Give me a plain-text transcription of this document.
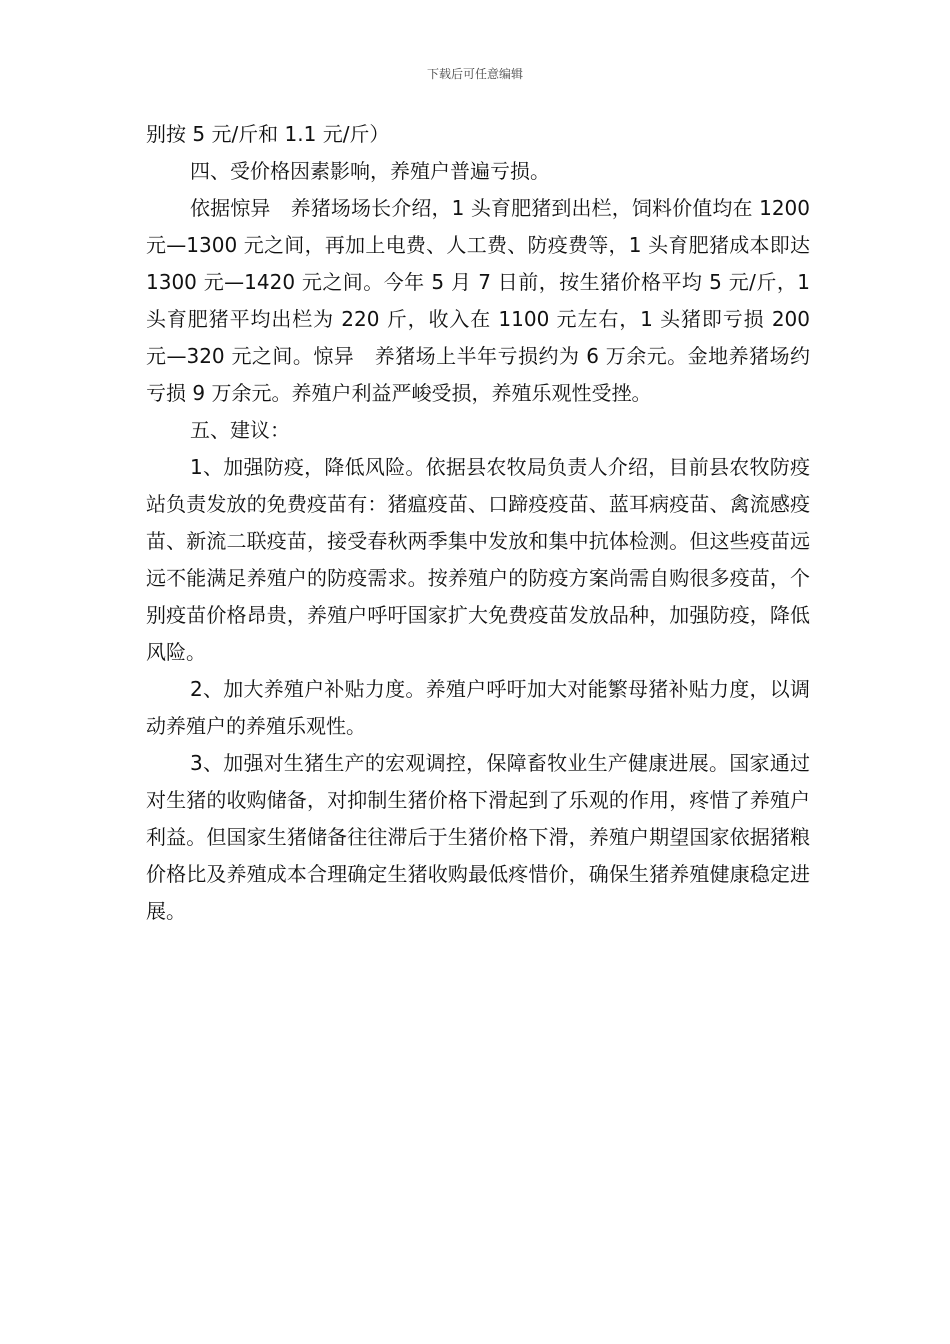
下载后可任意编辑

别按 5 元/斤和 1.1 元/斤）

四、受价格因素影响，养殖户普遍亏损。

依据惊异　养猪场场长介绍，1 头育肥猪到出栏，饲料价值均在 1200 元—1300 元之间，再加上电费、人工费、防疫费等，1 头育肥猪成本即达 1300 元—1420 元之间。今年 5 月 7 日前，按生猪价格平均 5 元/斤，1 头育肥猪平均出栏为 220 斤，收入在 1100 元左右，1 头猪即亏损 200 元—320 元之间。惊异　养猪场上半年亏损约为 6 万余元。金地养猪场约亏损 9 万余元。养殖户利益严峻受损，养殖乐观性受挫。

五、建议：

1、加强防疫，降低风险。依据县农牧局负责人介绍，目前县农牧防疫站负责发放的免费疫苗有：猪瘟疫苗、口蹄疫疫苗、蓝耳病疫苗、禽流感疫苗、新流二联疫苗，接受春秋两季集中发放和集中抗体检测。但这些疫苗远远不能满足养殖户的防疫需求。按养殖户的防疫方案尚需自购很多疫苗，个别疫苗价格昂贵，养殖户呼吁国家扩大免费疫苗发放品种，加强防疫，降低风险。

2、加大养殖户补贴力度。养殖户呼吁加大对能繁母猪补贴力度，以调动养殖户的养殖乐观性。

3、加强对生猪生产的宏观调控，保障畜牧业生产健康进展。国家通过对生猪的收购储备，对抑制生猪价格下滑起到了乐观的作用，疼惜了养殖户利益。但国家生猪储备往往滞后于生猪价格下滑，养殖户期望国家依据猪粮价格比及养殖成本合理确定生猪收购最低疼惜价，确保生猪养殖健康稳定进展。
